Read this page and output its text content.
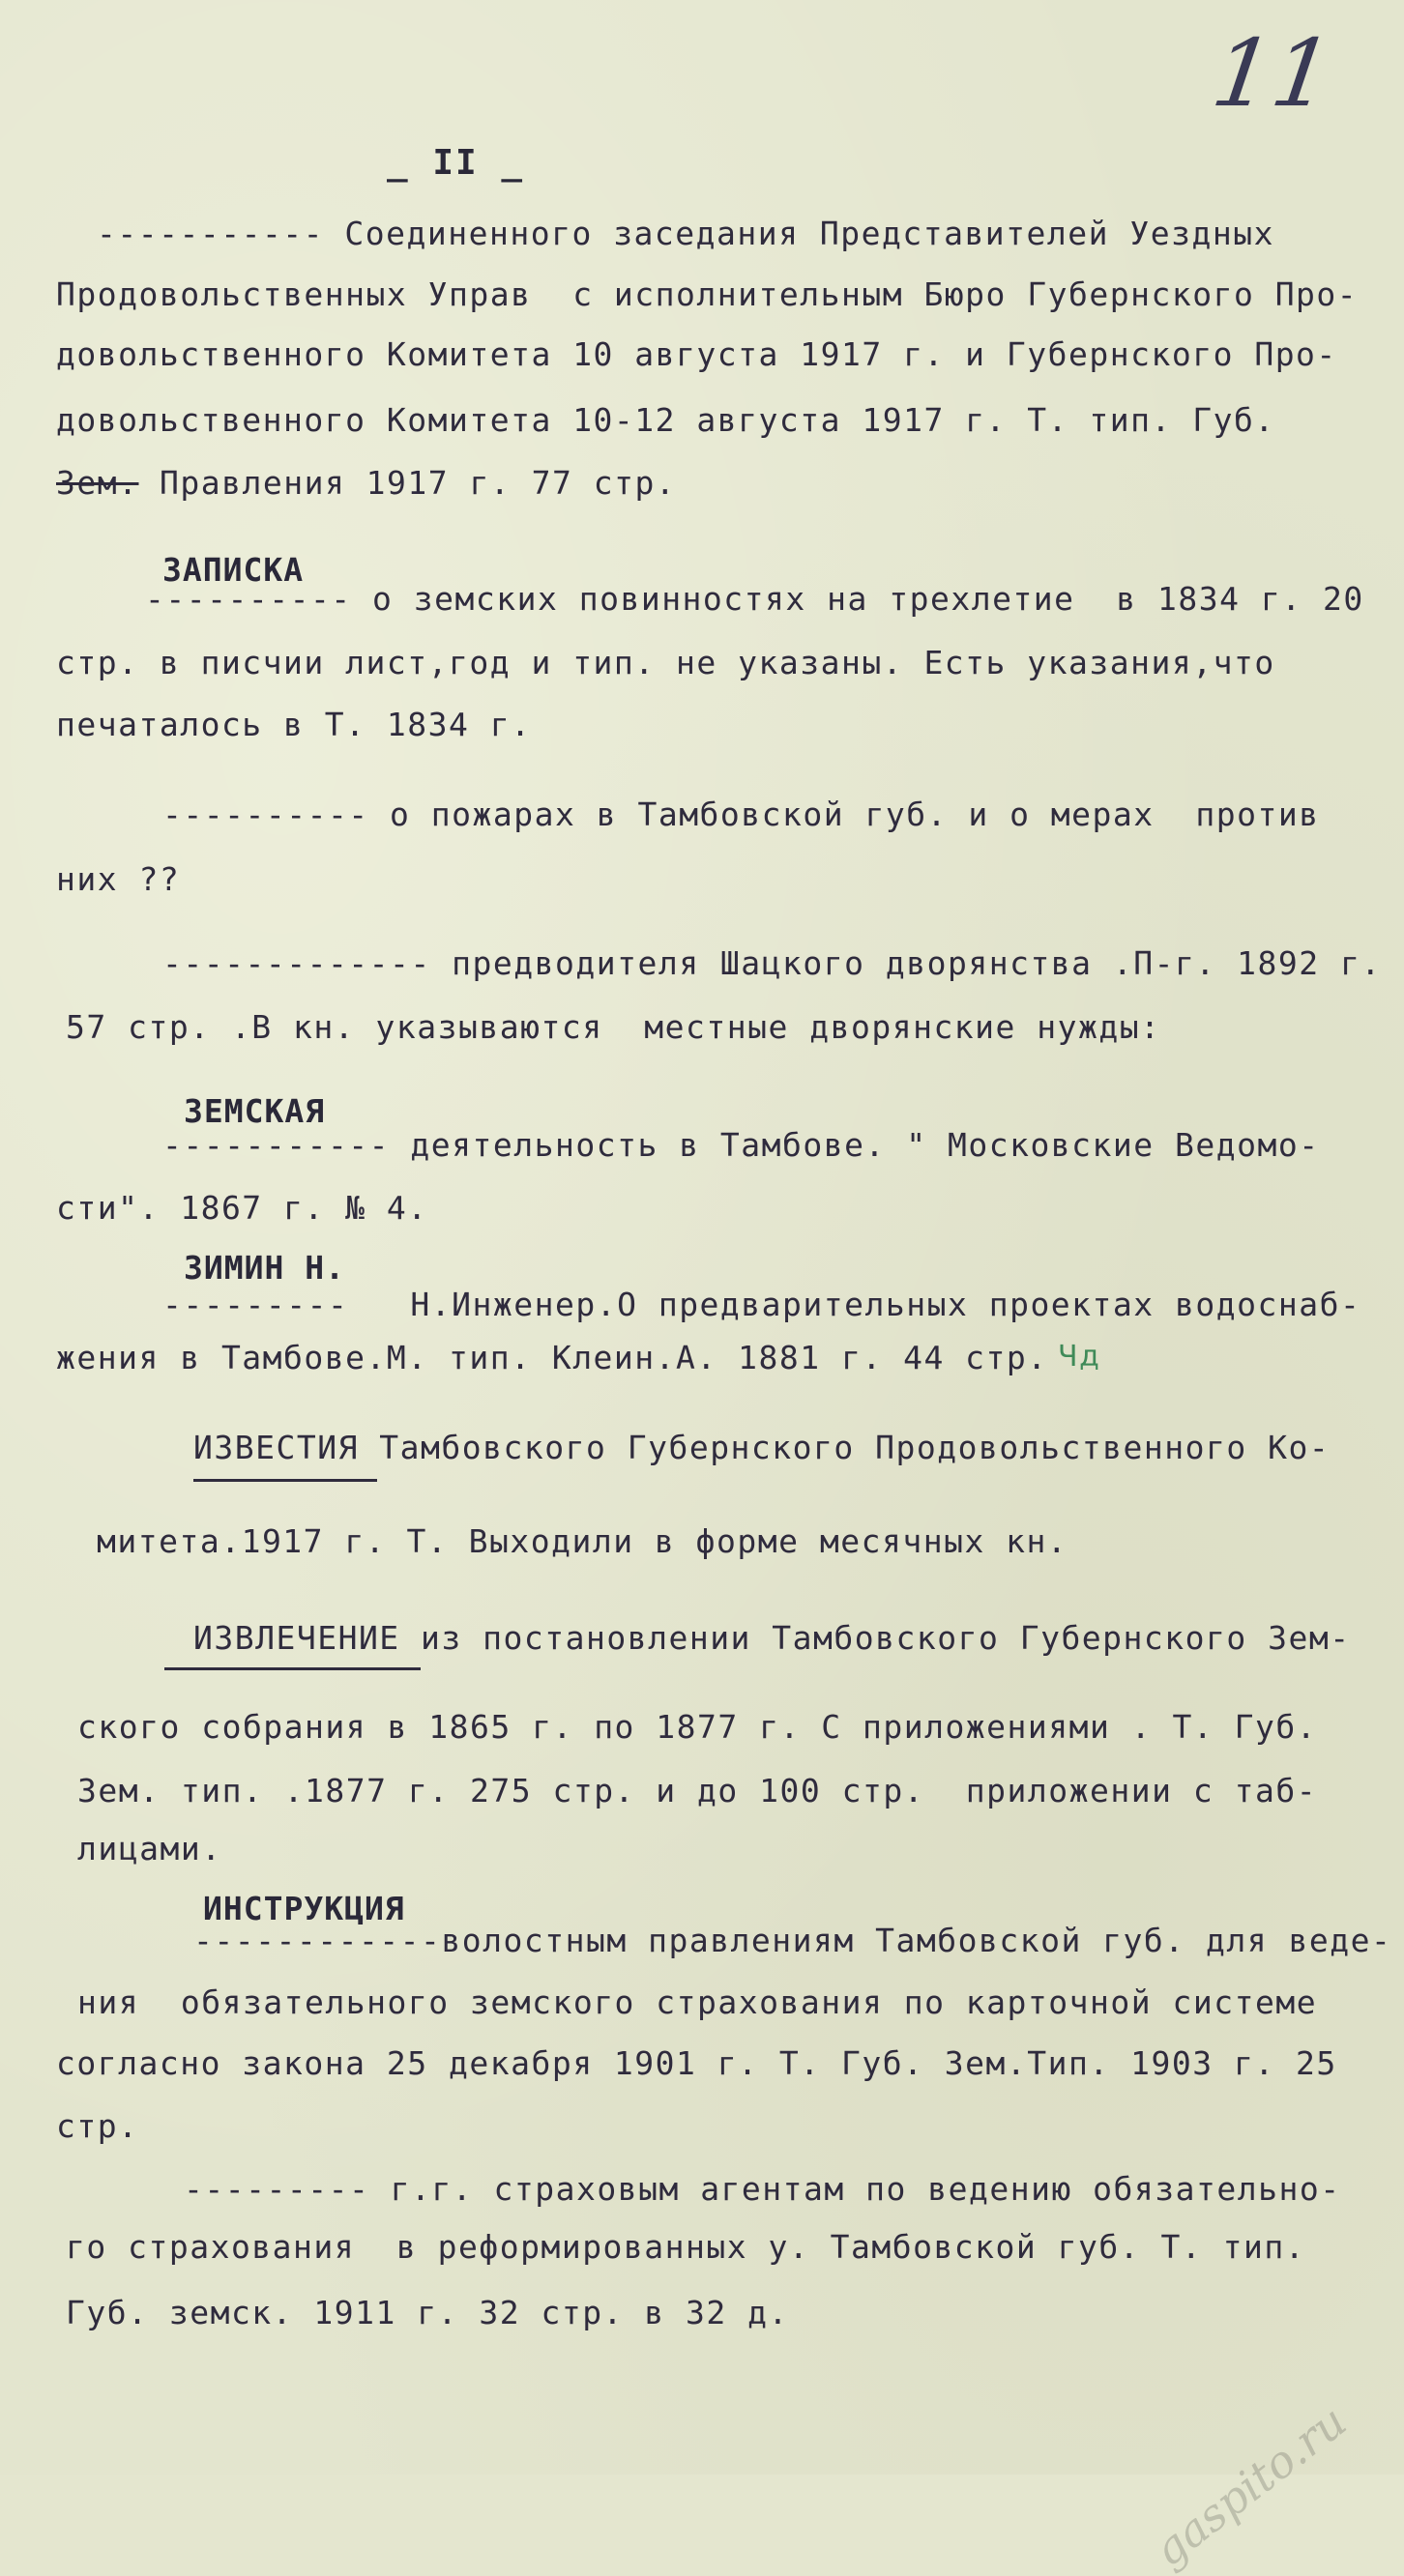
11
_ II _
----------- Соединенного заседания Представителей Уездных
Продовольственных Управ  с исполнительным Бюро Губернского Про-
довольственного Комитета 10 августа 1917 г. и Губернского Про-
довольственного Комитета 10-12 августа 1917 г. Т. тип. Губ.
Зем. Правления 1917 г. 77 стр.
ЗАПИСКА
---------- о земских повинностях на трехлетие  в 1834 г. 20
стр. в писчии лист,год и тип. не указаны. Есть указания,что
печаталось в Т. 1834 г.
---------- о пожарах в Тамбовской губ. и о мерах  против
них ??
------------- предводителя Шацкого дворянства .П-г. 1892 г.
57 стр. .В кн. указываются  местные дворянские нужды:
ЗЕМСКАЯ
----------- деятельность в Тамбове. " Московские Ведомо-
сти". 1867 г. № 4.
ЗИМИН Н.
---------   Н.Инженер.О предварительных проектах водоснаб-
жения в Тамбове.М. тип. Клеин.А. 1881 г. 44 стр. Чд
ИЗВЕСТИЯ Тамбовского Губернского Продовольственного Ко-
митета.1917 г. Т. Выходили в форме месячных кн.
ИЗВЛЕЧЕНИЕ из постановлении Тамбовского Губернского Зем-
ского собрания в 1865 г. по 1877 г. С приложениями . Т. Губ.
Зем. тип. .1877 г. 275 стр. и до 100 стр.  приложении с таб-
лицами.
ИНСТРУКЦИЯ
------------волостным правлениям Тамбовской губ. для веде-
ния  обязательного земского страхования по карточной системе
согласно закона 25 декабря 1901 г. Т. Губ. Зем.Тип. 1903 г. 25
стр.
--------- г.г. страховым агентам по ведению обязательно-
го страхования  в реформированных у. Тамбовской губ. Т. тип.
Губ. земск. 1911 г. 32 стр. в 32 д.
gaspito.ru
